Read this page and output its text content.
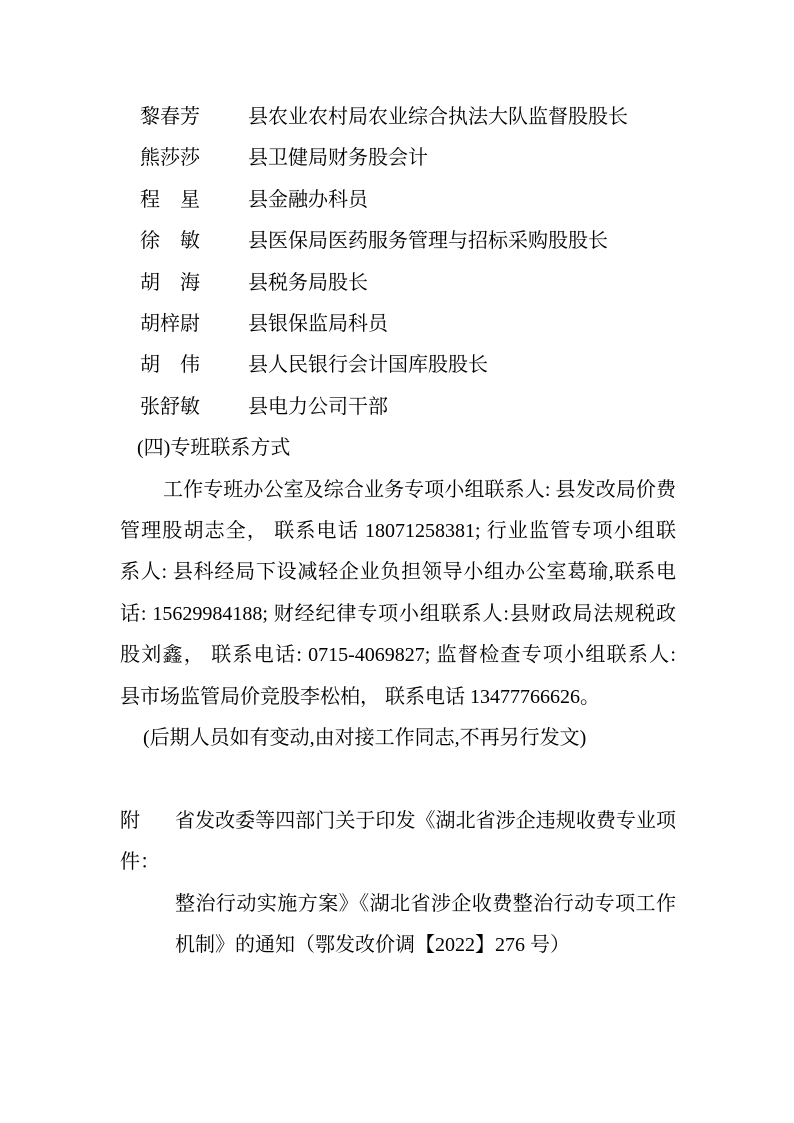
黎春芳 县农业农村局农业综合执法大队监督股股长
熊莎莎 县卫健局财务股会计
程　星 县金融办科员
徐　敏 县医保局医药服务管理与招标采购股股长
胡　海 县税务局股长
胡梓尉 县银保监局科员
胡　伟 县人民银行会计国库股股长
张舒敏 县电力公司干部
(四)专班联系方式
工作专班办公室及综合业务专项小组联系人: 县发改局价费
管理股胡志全， 联系电话 18071258381; 行业监管专项小组联
系人: 县科经局下设减轻企业负担领导小组办公室葛瑜,联系电
话: 15629984188; 财经纪律专项小组联系人:县财政局法规税政
股刘鑫， 联系电话: 0715-4069827; 监督检查专项小组联系人:
县市场监管局价竞股李松柏， 联系电话 13477766626。
(后期人员如有变动,由对接工作同志,不再另行发文)
附件：
省发改委等四部门关于印发《湖北省涉企违规收费专业项
整治行动实施方案》《湖北省涉企收费整治行动专项工作
机制》的通知（鄂发改价调【2022】276 号）
